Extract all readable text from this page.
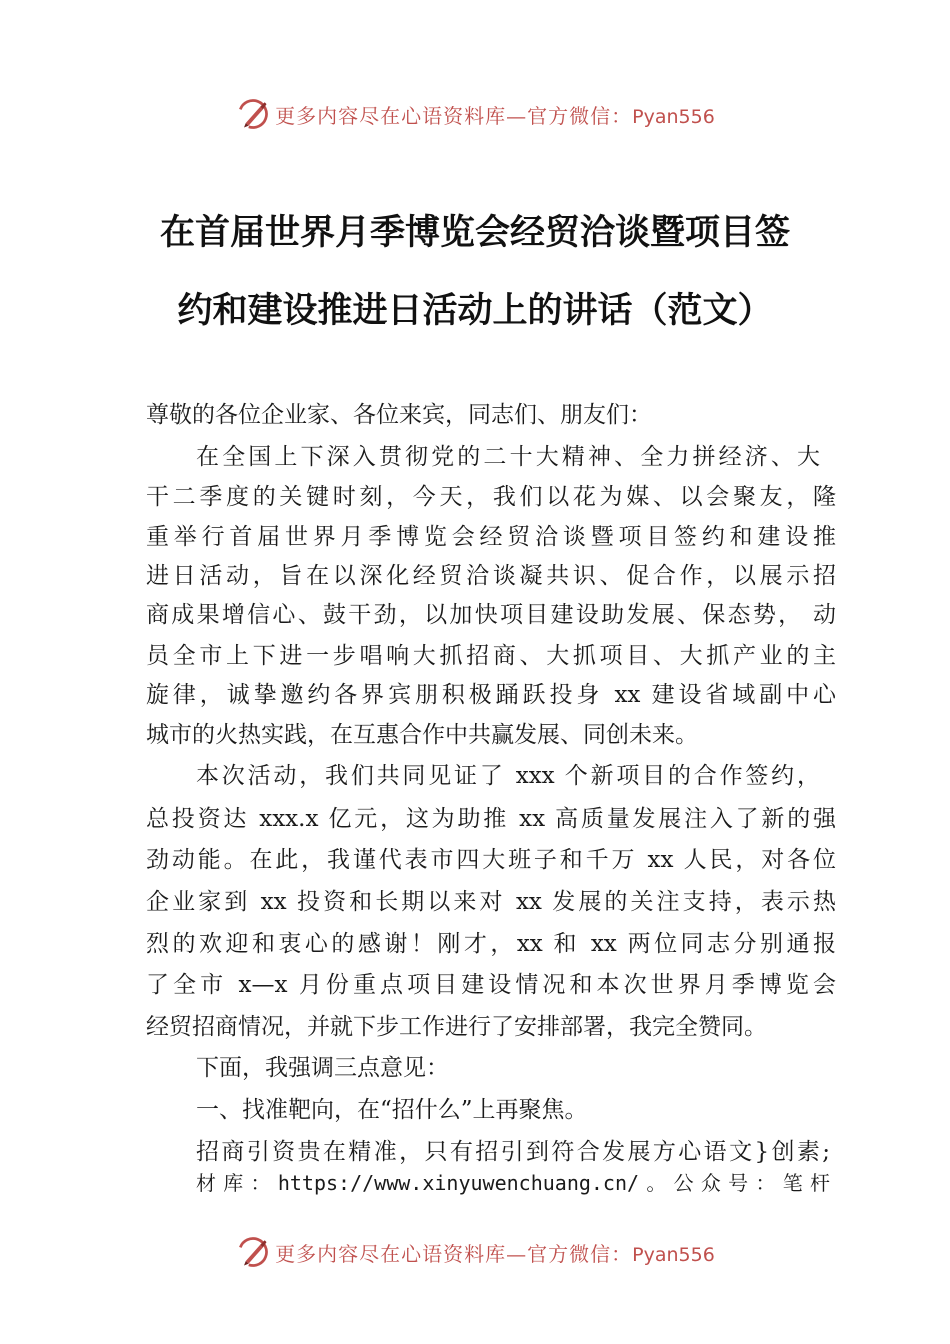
更多内容尽在心语资料库—官方微信：Pyan556
在首届世界月季博览会经贸洽谈暨项目签
约和建设推进日活动上的讲话（范文）
尊敬的各位企业家、各位来宾，同志们、朋友们：
在全国上下深入贯彻党的二十大精神、全力拼经济、大
干二季度的关键时刻，今天，我们以花为媒、以会聚友，隆
重举行首届世界月季博览会经贸洽谈暨项目签约和建设推
进日活动，旨在以深化经贸洽谈凝共识、促合作，以展示招
商成果增信心、鼓干劲，以加快项目建设助发展、保态势， 动
员全市上下进一步唱响大抓招商、大抓项目、大抓产业的主
旋律，诚挚邀约各界宾朋积极踊跃投身 xx 建设省域副中心
城市的火热实践，在互惠合作中共赢发展、同创未来。
本次活动，我们共同见证了 xxx 个新项目的合作签约，
总投资达 xxx.x 亿元，这为助推 xx 高质量发展注入了新的强
劲动能。在此，我谨代表市四大班子和千万 xx 人民，对各位
企业家到 xx 投资和长期以来对 xx 发展的关注支持，表示热
烈的欢迎和衷心的感谢！刚才，xx 和 xx 两位同志分别通报
了全市 x—x 月份重点项目建设情况和本次世界月季博览会
经贸招商情况，并就下步工作进行了安排部署，我完全赞同。
下面，我强调三点意见：
一、找准靶向，在“招什么”上再聚焦。
招商引资贵在精准，只有招引到符合发展方心语文}创素;
材库：https://www.xinyuwenchuang.cn/。公众号：笔杆
更多内容尽在心语资料库—官方微信：Pyan556
